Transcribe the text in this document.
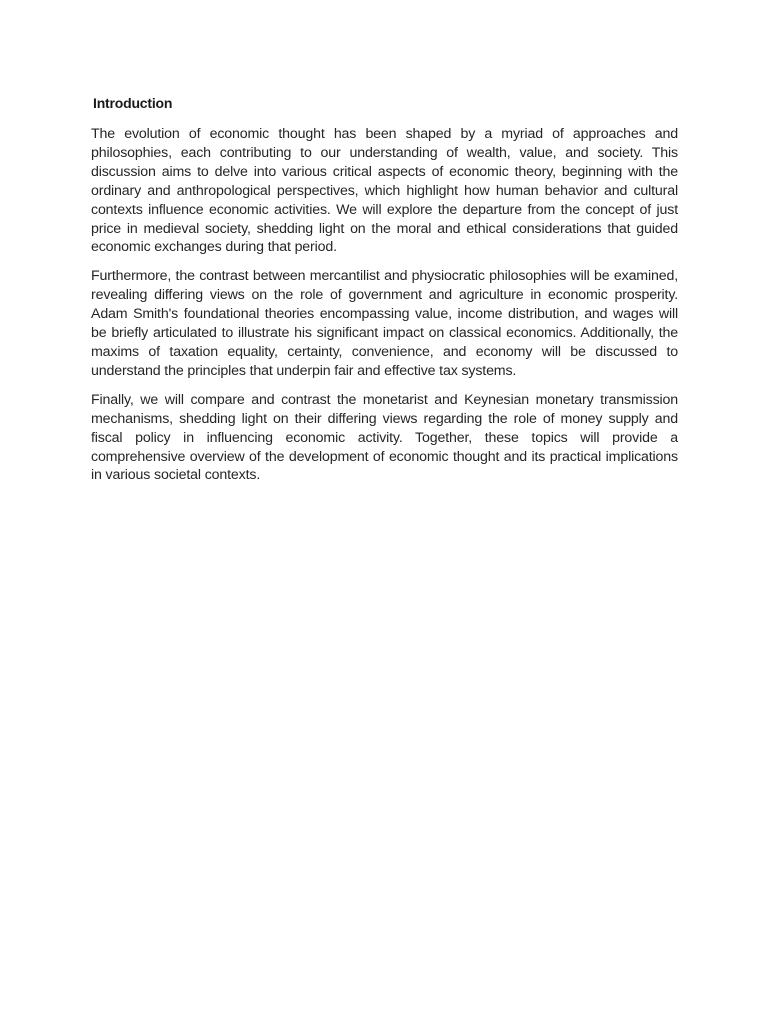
Introduction

The evolution of economic thought has been shaped by a myriad of approaches and philosophies, each contributing to our understanding of wealth, value, and society. This discussion aims to delve into various critical aspects of economic theory, beginning with the ordinary and anthropological perspectives, which highlight how human behavior and cultural contexts influence economic activities. We will explore the departure from the concept of just price in medieval society, shedding light on the moral and ethical considerations that guided economic exchanges during that period.

Furthermore, the contrast between mercantilist and physiocratic philosophies will be examined, revealing differing views on the role of government and agriculture in economic prosperity. Adam Smith's foundational theories encompassing value, income distribution, and wages will be briefly articulated to illustrate his significant impact on classical economics. Additionally, the maxims of taxation equality, certainty, convenience, and economy will be discussed to understand the principles that underpin fair and effective tax systems.

Finally, we will compare and contrast the monetarist and Keynesian monetary transmission mechanisms, shedding light on their differing views regarding the role of money supply and fiscal policy in influencing economic activity. Together, these topics will provide a comprehensive overview of the development of economic thought and its practical implications in various societal contexts.
